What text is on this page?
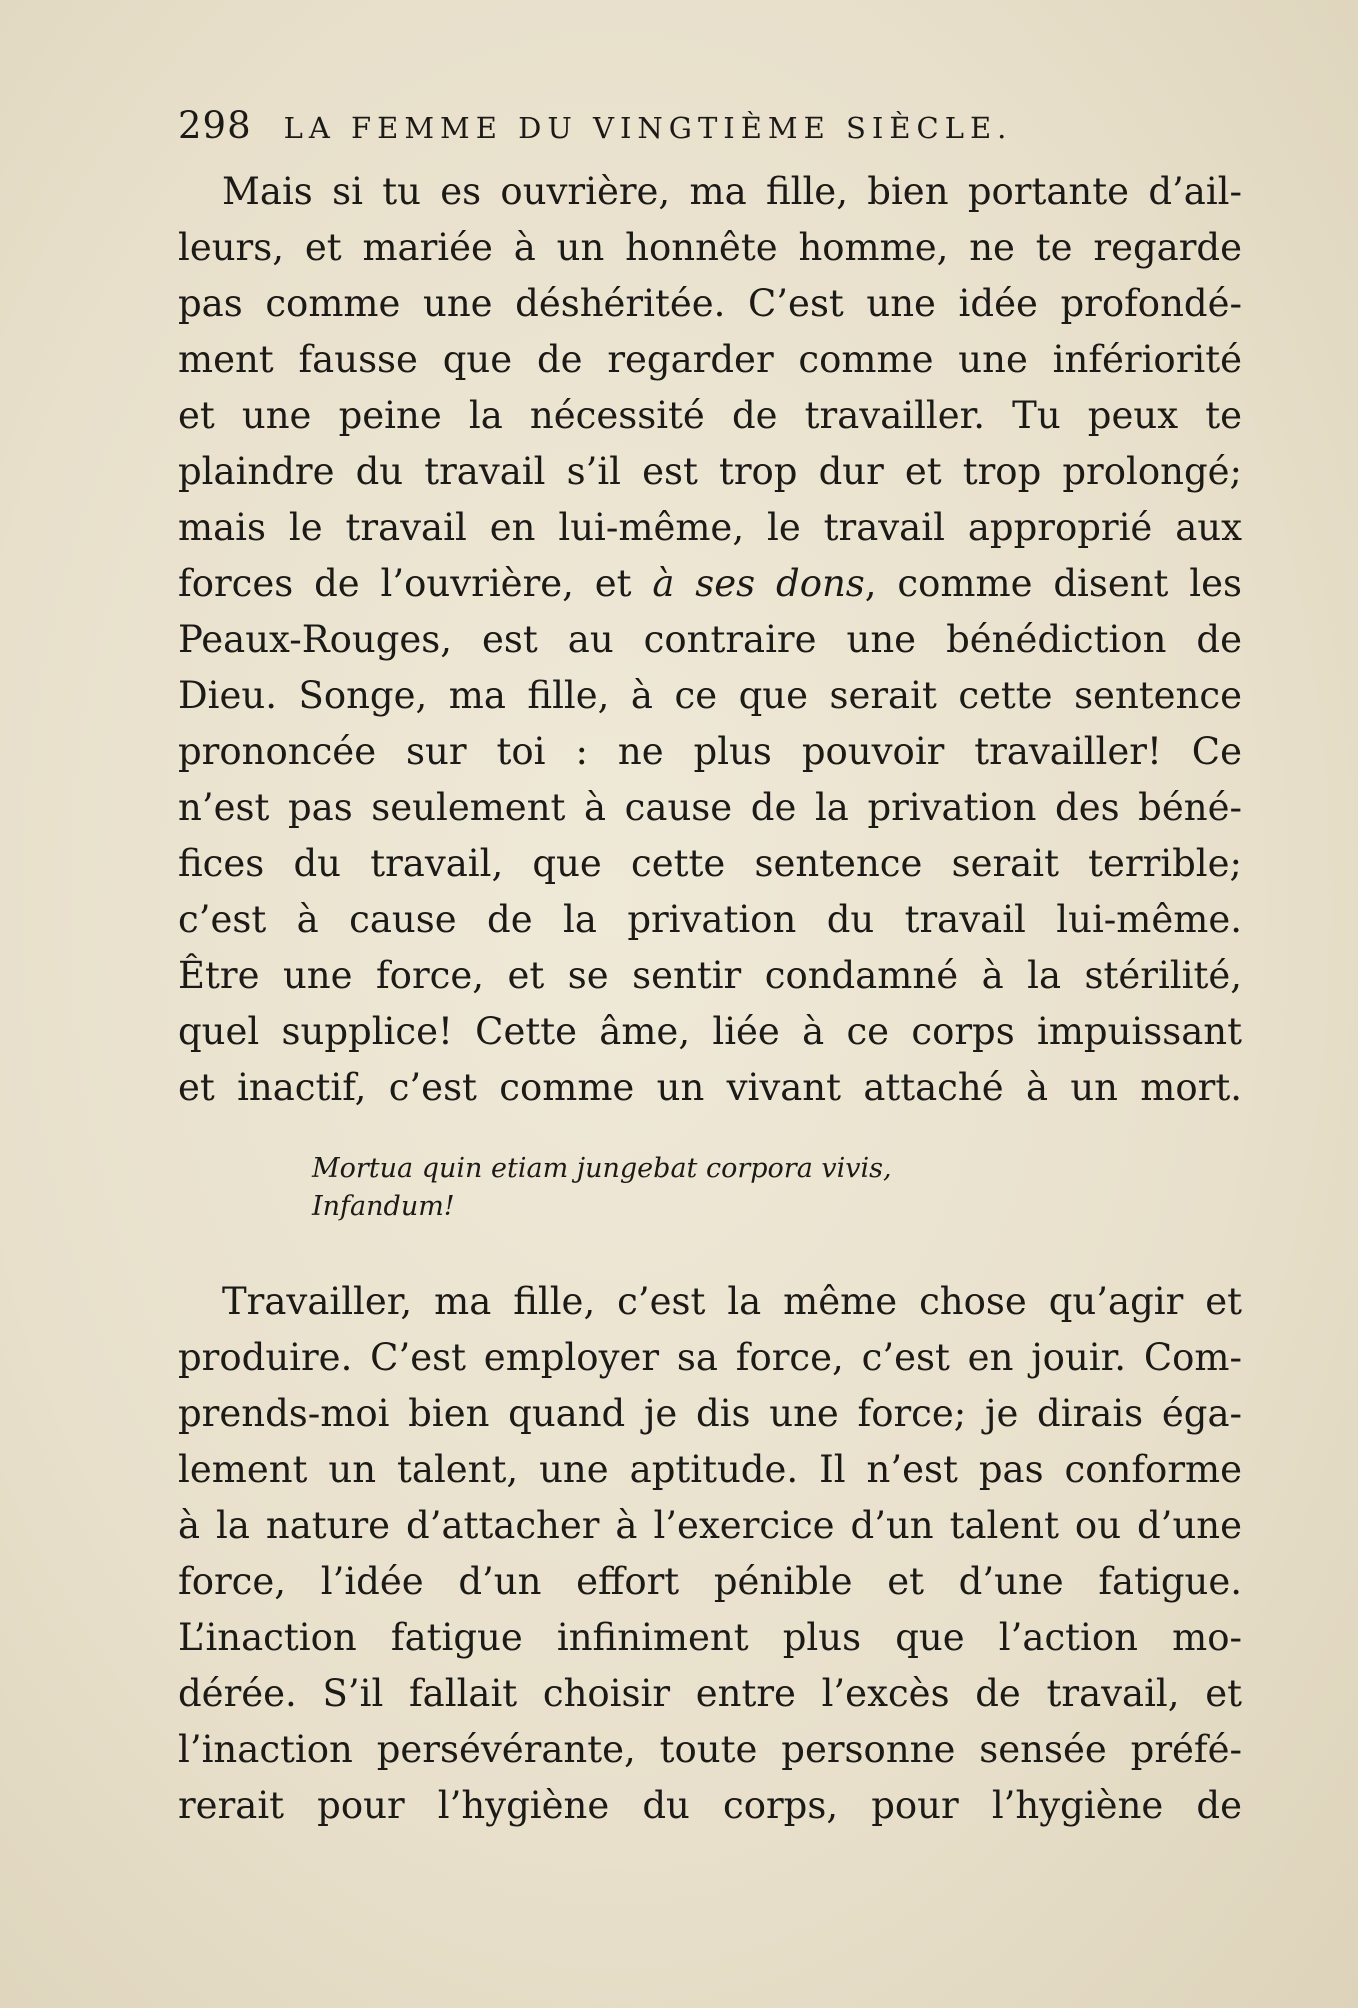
298 LA FEMME DU VINGTIÈME SIÈCLE.

Mais si tu es ouvrière, ma fille, bien portante d’ail-
leurs, et mariée à un honnête homme, ne te regarde
pas comme une déshéritée. C’est une idée profondé-
ment fausse que de regarder comme une infériorité
et une peine la nécessité de travailler. Tu peux te
plaindre du travail s’il est trop dur et trop prolongé;
mais le travail en lui-même, le travail approprié aux
forces de l’ouvrière, et à ses dons, comme disent les
Peaux-Rouges, est au contraire une bénédiction de
Dieu. Songe, ma fille, à ce que serait cette sentence
prononcée sur toi : ne plus pouvoir travailler! Ce
n’est pas seulement à cause de la privation des béné-
fices du travail, que cette sentence serait terrible;
c’est à cause de la privation du travail lui-même.
Être une force, et se sentir condamné à la stérilité,
quel supplice! Cette âme, liée à ce corps impuissant
et inactif, c’est comme un vivant attaché à un mort.

Mortua quin etiam jungebat corpora vivis,
Infandum!

Travailler, ma fille, c’est la même chose qu’agir et
produire. C’est employer sa force, c’est en jouir. Com-
prends-moi bien quand je dis une force; je dirais éga-
lement un talent, une aptitude. Il n’est pas conforme
à la nature d’attacher à l’exercice d’un talent ou d’une
force, l’idée d’un effort pénible et d’une fatigue.
L’inaction fatigue infiniment plus que l’action mo-
dérée. S’il fallait choisir entre l’excès de travail, et
l’inaction persévérante, toute personne sensée préfé-
rerait pour l’hygiène du corps, pour l’hygiène de
